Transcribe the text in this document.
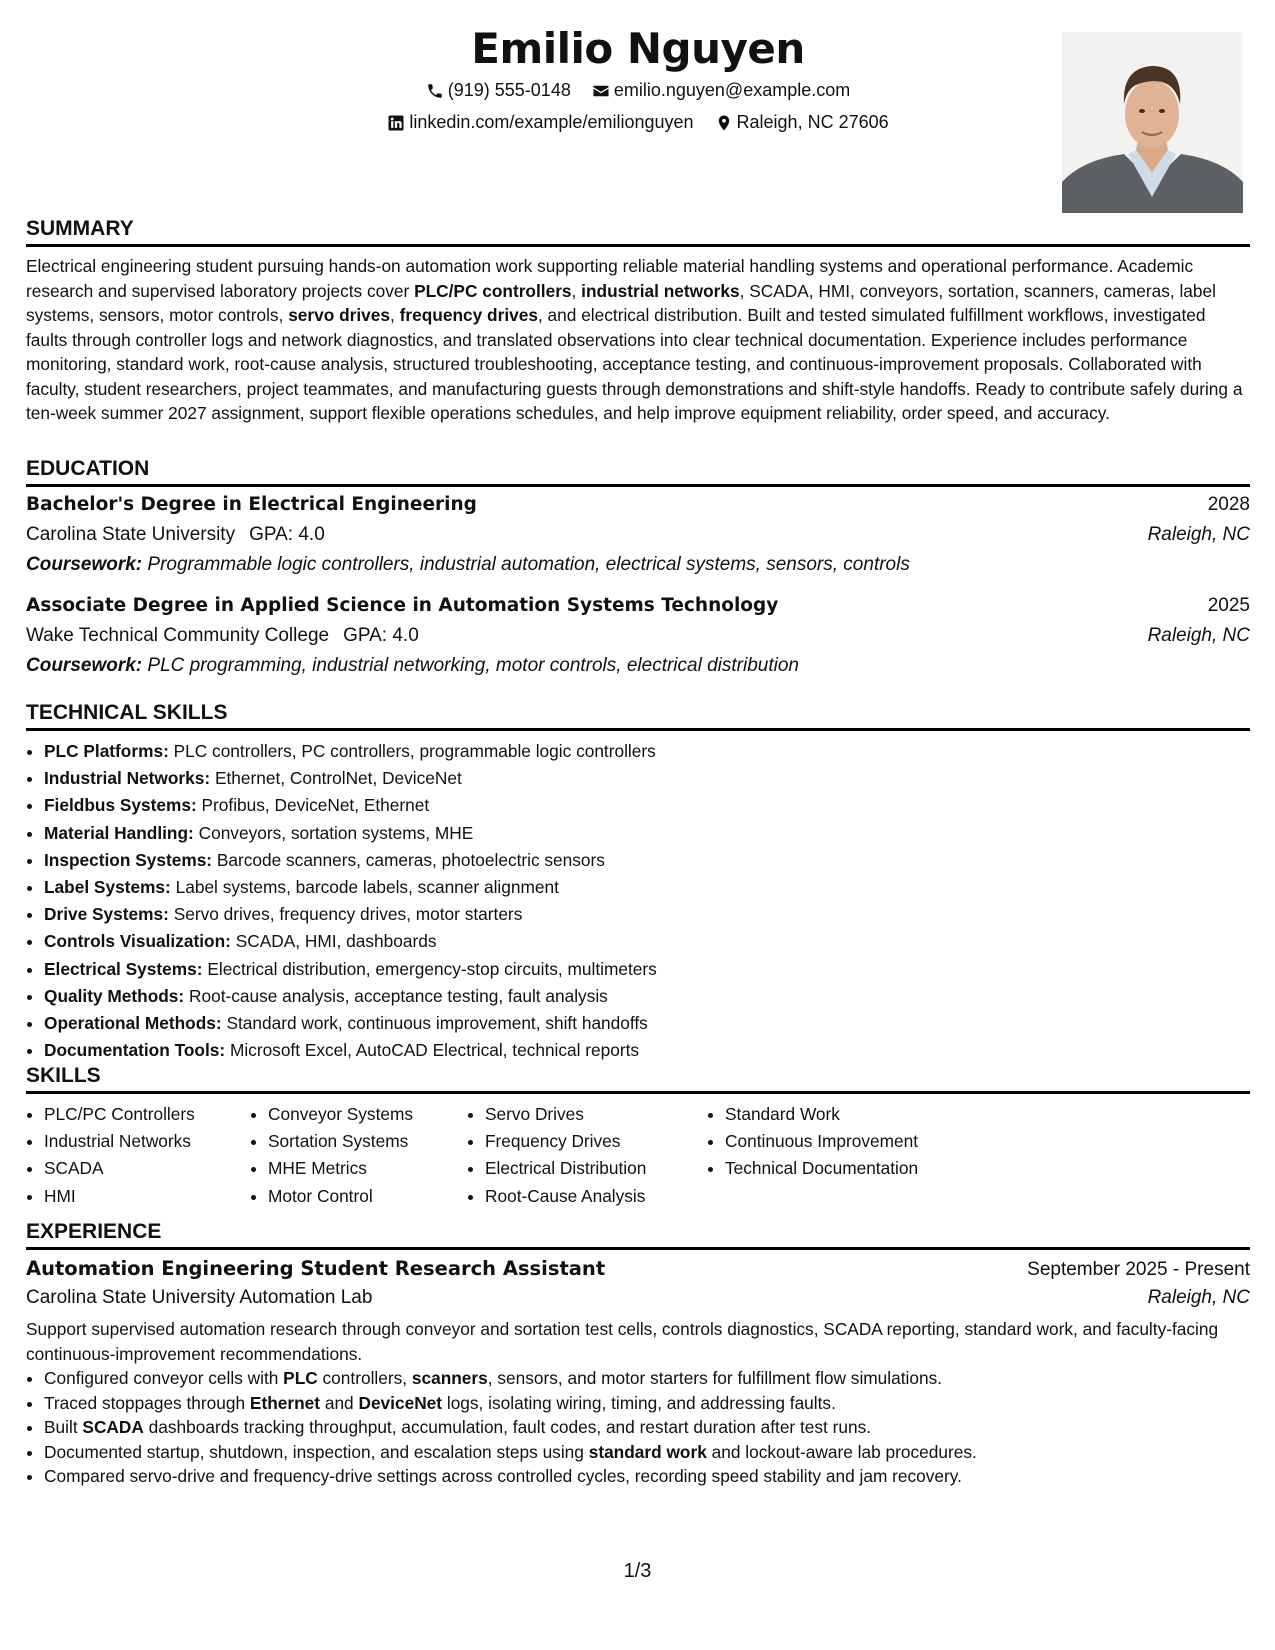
Emilio Nguyen
(919) 555-0148
emilio.nguyen@example.com
linkedin.com/example/emilionguyen
Raleigh, NC 27606
SUMMARY

Electrical engineering student pursuing hands-on automation work supporting reliable material handling systems and operational performance. Academic research and supervised laboratory projects cover PLC/PC controllers, industrial networks, SCADA, HMI, conveyors, sortation, scanners, cameras, label systems, sensors, motor controls, servo drives, frequency drives, and electrical distribution. Built and tested simulated fulfillment workflows, investigated faults through controller logs and network diagnostics, and translated observations into clear technical documentation. Experience includes performance monitoring, standard work, root-cause analysis, structured troubleshooting, acceptance testing, and continuous-improvement proposals. Collaborated with faculty, student researchers, project teammates, and manufacturing guests through demonstrations and shift-style handoffs. Ready to contribute safely during a ten-week summer 2027 assignment, support flexible operations schedules, and help improve equipment reliability, order speed, and accuracy.

EDUCATION
Bachelor's Degree in Electrical Engineering	2028
Carolina State University GPA: 4.0	Raleigh, NC
Coursework: Programmable logic controllers, industrial automation, electrical systems, sensors, controls
Associate Degree in Applied Science in Automation Systems Technology	2025
Wake Technical Community College GPA: 4.0	Raleigh, NC
Coursework: PLC programming, industrial networking, motor controls, electrical distribution
TECHNICAL SKILLS
• PLC Platforms: PLC controllers, PC controllers, programmable logic controllers
• Industrial Networks: Ethernet, ControlNet, DeviceNet
• Fieldbus Systems: Profibus, DeviceNet, Ethernet
• Material Handling: Conveyors, sortation systems, MHE
• Inspection Systems: Barcode scanners, cameras, photoelectric sensors
• Label Systems: Label systems, barcode labels, scanner alignment
• Drive Systems: Servo drives, frequency drives, motor starters
• Controls Visualization: SCADA, HMI, dashboards
• Electrical Systems: Electrical distribution, emergency-stop circuits, multimeters
• Quality Methods: Root-cause analysis, acceptance testing, fault analysis
• Operational Methods: Standard work, continuous improvement, shift handoffs
• Documentation Tools: Microsoft Excel, AutoCAD Electrical, technical reports
SKILLS
• PLC/PC Controllers
• Industrial Networks
• SCADA
• HMI
• Conveyor Systems
• Sortation Systems
• MHE Metrics
• Motor Control
• Servo Drives
• Frequency Drives
• Electrical Distribution
• Root-Cause Analysis
• Standard Work
• Continuous Improvement
• Technical Documentation
EXPERIENCE
Automation Engineering Student Research Assistant	September 2025 - Present
Carolina State University Automation Lab	Raleigh, NC

Support supervised automation research through conveyor and sortation test cells, controls diagnostics, SCADA reporting, standard work, and faculty-facing continuous-improvement recommendations.

• Configured conveyor cells with PLC controllers, scanners, sensors, and motor starters for fulfillment flow simulations.
• Traced stoppages through Ethernet and DeviceNet logs, isolating wiring, timing, and addressing faults.
• Built SCADA dashboards tracking throughput, accumulation, fault codes, and restart duration after test runs.
• Documented startup, shutdown, inspection, and escalation steps using standard work and lockout-aware lab procedures.
• Compared servo-drive and frequency-drive settings across controlled cycles, recording speed stability and jam recovery.
1/3
